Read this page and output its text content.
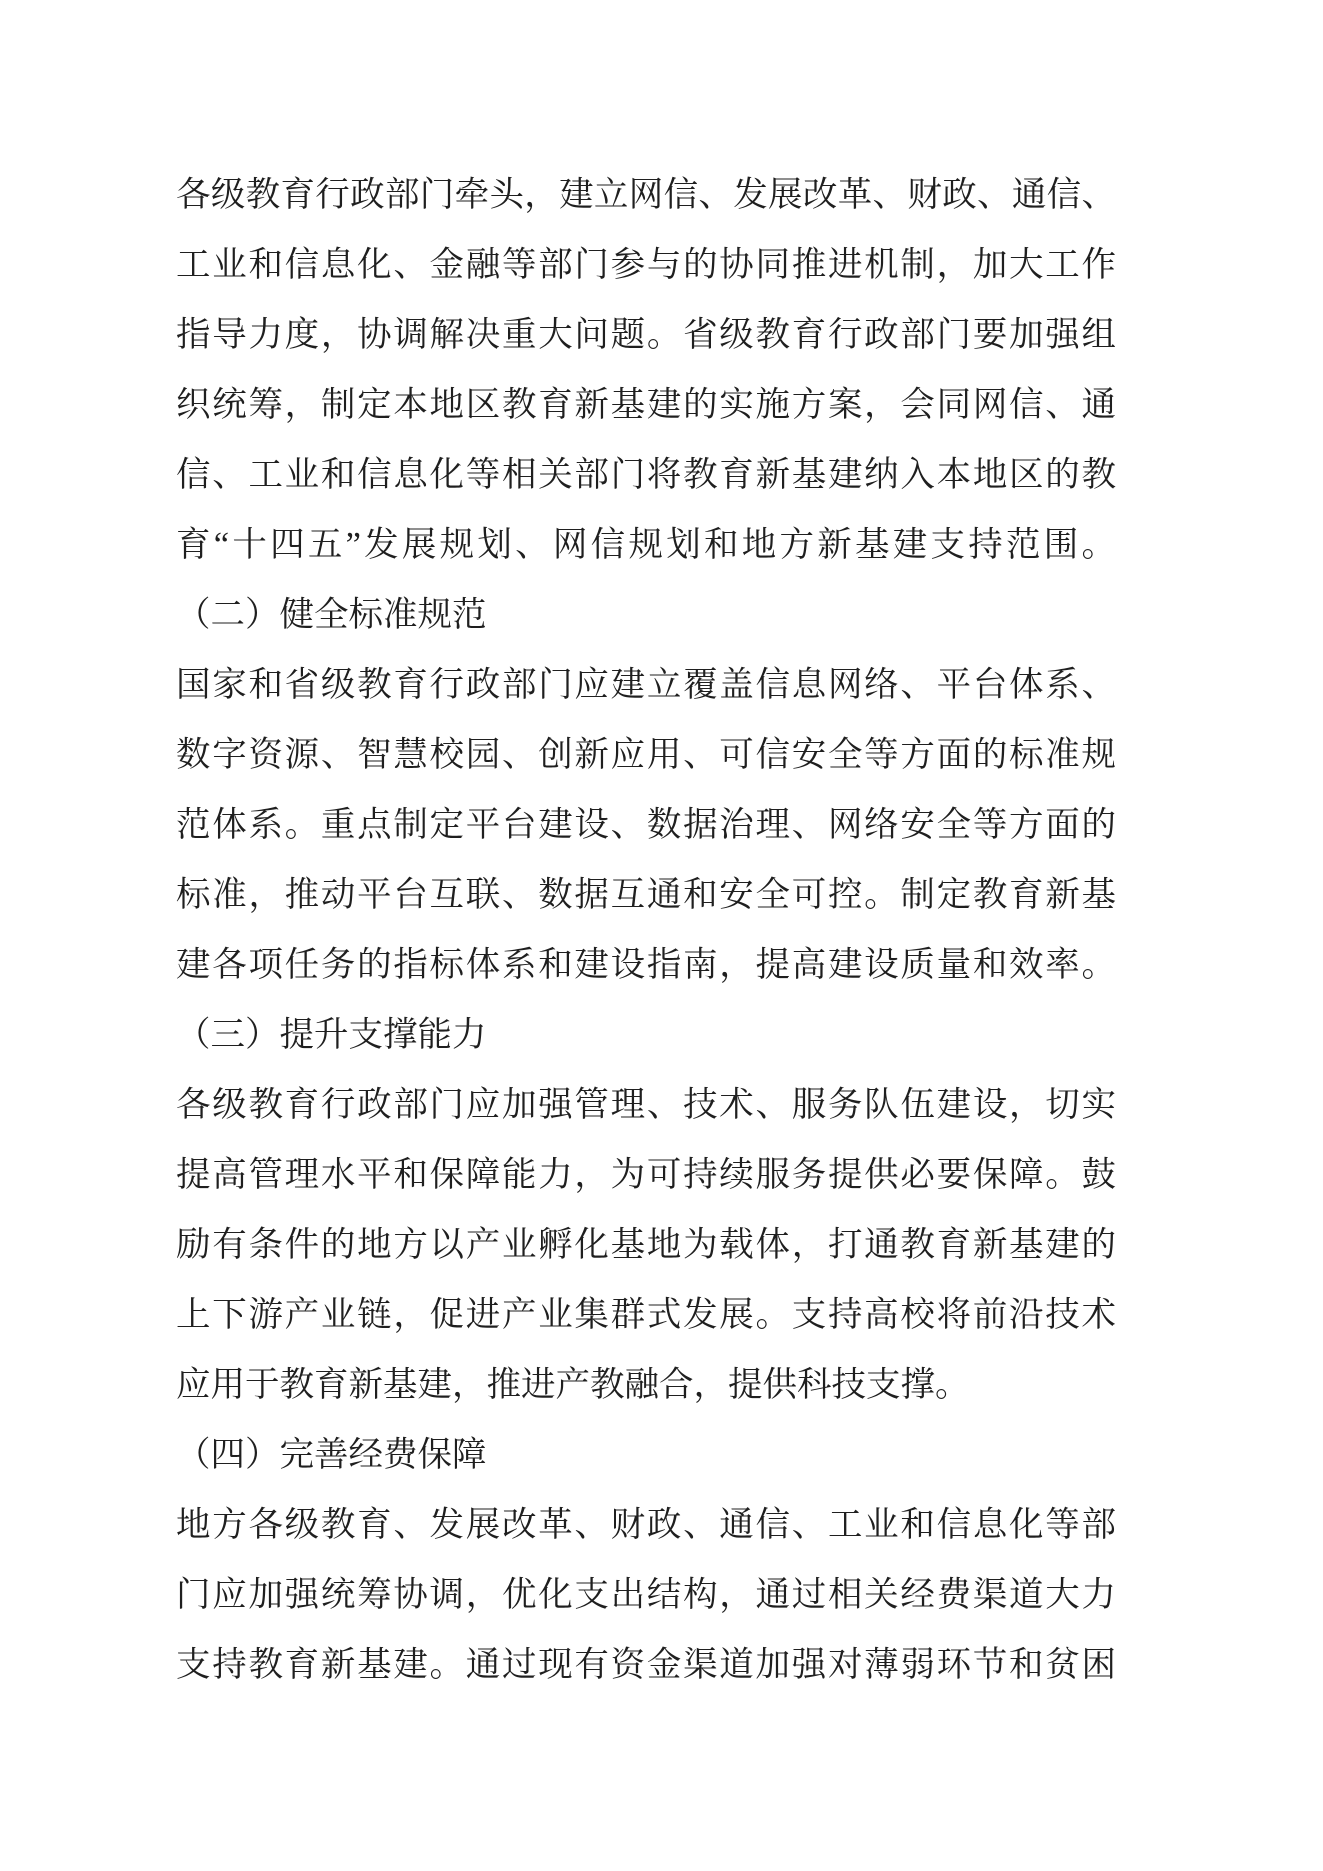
各级教育行政部门牵头，建立网信、发展改革、财政、通信、
工业和信息化、金融等部门参与的协同推进机制，加大工作
指导力度，协调解决重大问题。省级教育行政部门要加强组
织统筹，制定本地区教育新基建的实施方案，会同网信、通
信、工业和信息化等相关部门将教育新基建纳入本地区的教
育“十四五”发展规划、网信规划和地方新基建支持范围。
（二）健全标准规范
国家和省级教育行政部门应建立覆盖信息网络、平台体系、
数字资源、智慧校园、创新应用、可信安全等方面的标准规
范体系。重点制定平台建设、数据治理、网络安全等方面的
标准，推动平台互联、数据互通和安全可控。制定教育新基
建各项任务的指标体系和建设指南，提高建设质量和效率。
（三）提升支撑能力
各级教育行政部门应加强管理、技术、服务队伍建设，切实
提高管理水平和保障能力，为可持续服务提供必要保障。鼓
励有条件的地方以产业孵化基地为载体，打通教育新基建的
上下游产业链，促进产业集群式发展。支持高校将前沿技术
应用于教育新基建，推进产教融合，提供科技支撑。
（四）完善经费保障
地方各级教育、发展改革、财政、通信、工业和信息化等部
门应加强统筹协调，优化支出结构，通过相关经费渠道大力
支持教育新基建。通过现有资金渠道加强对薄弱环节和贫困
